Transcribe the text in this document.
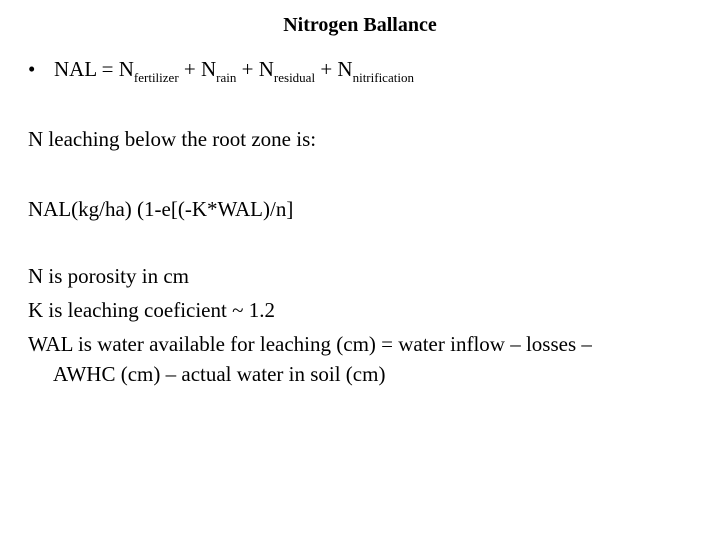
Nitrogen Ballance
• NAL = $N_{fertilizer} + N_{rain} + N_{residual} + N_{nitrification}$
N leaching below the root zone is:
NAL(kg/ha) (1-e[(-K*WAL)/n]
N is porosity in cm
K is leaching coeficient ~ 1.2
WAL is water available for leaching (cm) = water inflow – losses –
AWHC (cm) – actual water in soil (cm)
